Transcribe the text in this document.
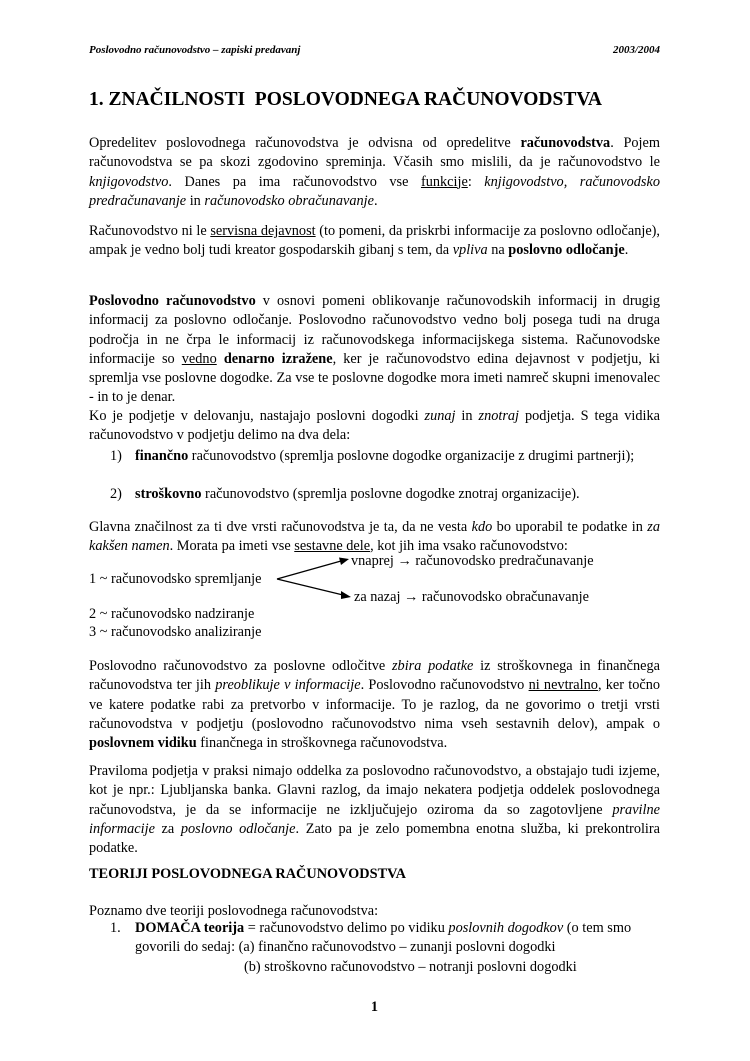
Poslovodno računovodstvo – zapiski predavanj	2003/2004
1. ZNAČILNOSTI  POSLOVODNEGA RAČUNOVODSTVA

Opredelitev poslovodnega računovodstva je odvisna od opredelitve računovodstva. Pojem računovodstva se pa skozi zgodovino spreminja. Včasih smo mislili, da je računovodstvo le knjigovodstvo. Danes pa ima računovodstvo vse funkcije: knjigovodstvo, računovodsko predračunavanje in računovodsko obračunavanje.

Računovodstvo ni le servisna dejavnost (to pomeni, da priskrbi informacije za poslovno odločanje), ampak je vedno bolj tudi kreator gospodarskih gibanj s tem, da vpliva na poslovno odločanje.

Poslovodno računovodstvo v osnovi pomeni oblikovanje računovodskih informacij in drugig informacij za poslovno odločanje. Poslovodno računovodstvo vedno bolj posega tudi na druga področja in ne črpa le informacij iz računovodskega informacijskega sistema. Računovodske informacije so vedno denarno izražene, ker je računovodstvo edina dejavnost v podjetju, ki spremlja vse poslovne dogodke. Za vse te poslovne dogodke mora imeti namreč skupni imenovalec - in to je denar.

Ko je podjetje v delovanju, nastajajo poslovni dogodki zunaj in znotraj podjetja. S tega vidika računovodstvo v podjetju delimo na dva dela:

1) finančno računovodstvo (spremlja poslovne dogodke organizacije z drugimi partnerji);
2) stroškovno računovodstvo (spremlja poslovne dogodke znotraj organizacije).

Glavna značilnost za ti dve vrsti računovodstva je ta, da ne vesta kdo bo uporabil te podatke in za kakšen namen. Morata pa imeti vse sestavne dele, kot jih ima vsako računovodstvo:

vnaprej → računovodsko predračunavanje
1 ~ računovodsko spremljanje
za nazaj → računovodsko obračunavanje
2 ~ računovodsko nadziranje
3 ~ računovodsko analiziranje

Poslovodno računovodstvo za poslovne odločitve zbira podatke iz stroškovnega in finančnega računovodstva ter jih preoblikuje v informacije. Poslovodno računovodstvo ni nevtralno, ker točno ve katere podatke rabi za pretvorbo v informacije. To je razlog, da ne govorimo o tretji vrsti računovodstva v podjetju (poslovodno računovodstvo nima vseh sestavnih delov), ampak o poslovnem vidiku finančnega in stroškovnega računovodstva.

Praviloma podjetja v praksi nimajo oddelka za poslovodno računovodstvo, a obstajajo tudi izjeme, kot je npr.: Ljubljanska banka. Glavni razlog, da imajo nekatera podjetja oddelek poslovodnega računovodstva, je da se informacije ne izključujejo oziroma da so zagotovljene pravilne informacije za poslovno odločanje. Zato pa je zelo pomembna enotna služba, ki prekontrolira podatke.

TEORIJI POSLOVODNEGA RAČUNOVODSTVA
Poznamo dve teoriji poslovodnega računovodstva:
1. DOMAČA teorija = računovodstvo delimo po vidiku poslovnih dogodkov (o tem smo
govorili do sedaj: (a) finančno računovodstvo – zunanji poslovni dogodki
(b) stroškovno računovodstvo – notranji poslovni dogodki
1
